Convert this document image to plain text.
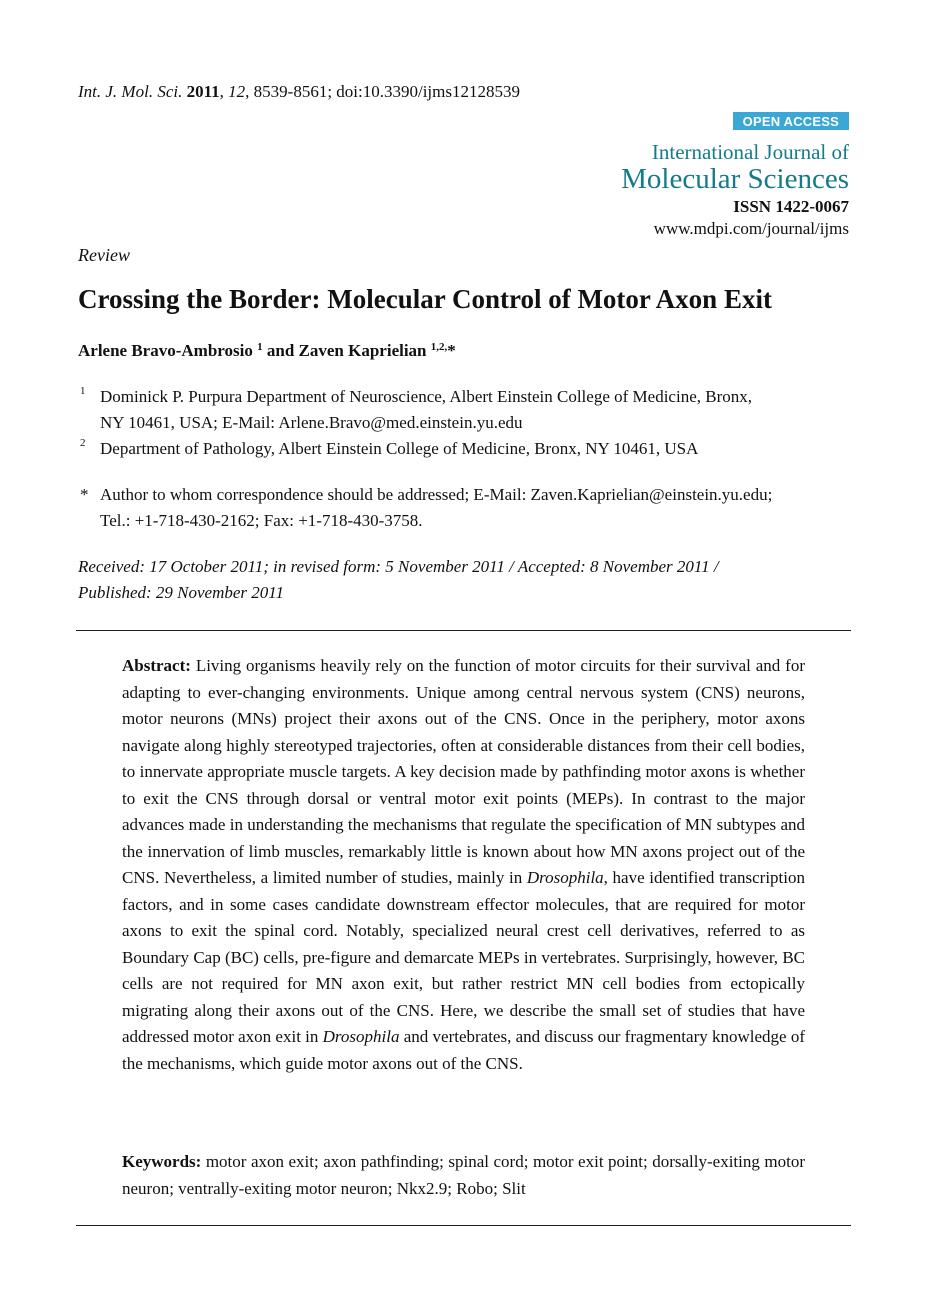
Int. J. Mol. Sci. 2011, 12, 8539-8561; doi:10.3390/ijms12128539
OPEN ACCESS
International Journal of
Molecular Sciences
ISSN 1422-0067
www.mdpi.com/journal/ijms
Review
Crossing the Border: Molecular Control of Motor Axon Exit
Arlene Bravo-Ambrosio $^1$ and Zaven Kaprielian $^{1,2,*}$
1 Dominick P. Purpura Department of Neuroscience, Albert Einstein College of Medicine, Bronx,
NY 10461, USA; E-Mail: Arlene.Bravo@med.einstein.yu.edu
2 Department of Pathology, Albert Einstein College of Medicine, Bronx, NY 10461, USA
* Author to whom correspondence should be addressed; E-Mail: Zaven.Kaprielian@einstein.yu.edu;
Tel.: +1-718-430-2162; Fax: +1-718-430-3758.
Received: 17 October 2011; in revised form: 5 November 2011 / Accepted: 8 November 2011 /
Published: 29 November 2011
Abstract: Living organisms heavily rely on the function of motor circuits for their survival and for adapting to ever-changing environments. Unique among central nervous system (CNS) neurons, motor neurons (MNs) project their axons out of the CNS. Once in the periphery, motor axons navigate along highly stereotyped trajectories, often at considerable distances from their cell bodies, to innervate appropriate muscle targets. A key decision made by pathfinding motor axons is whether to exit the CNS through dorsal or ventral motor exit points (MEPs). In contrast to the major advances made in understanding the mechanisms that regulate the specification of MN subtypes and the innervation of limb muscles, remarkably little is known about how MN axons project out of the CNS. Nevertheless, a limited number of studies, mainly in Drosophila, have identified transcription factors, and in some cases candidate downstream effector molecules, that are required for motor axons to exit the spinal cord. Notably, specialized neural crest cell derivatives, referred to as Boundary Cap (BC) cells, pre-figure and demarcate MEPs in vertebrates. Surprisingly, however, BC cells are not required for MN axon exit, but rather restrict MN cell bodies from ectopically migrating along their axons out of the CNS. Here, we describe the small set of studies that have addressed motor axon exit in Drosophila and vertebrates, and discuss our fragmentary knowledge of the mechanisms, which guide motor axons out of the CNS.
Keywords: motor axon exit; axon pathfinding; spinal cord; motor exit point; dorsally-exiting motor neuron; ventrally-exiting motor neuron; Nkx2.9; Robo; Slit
